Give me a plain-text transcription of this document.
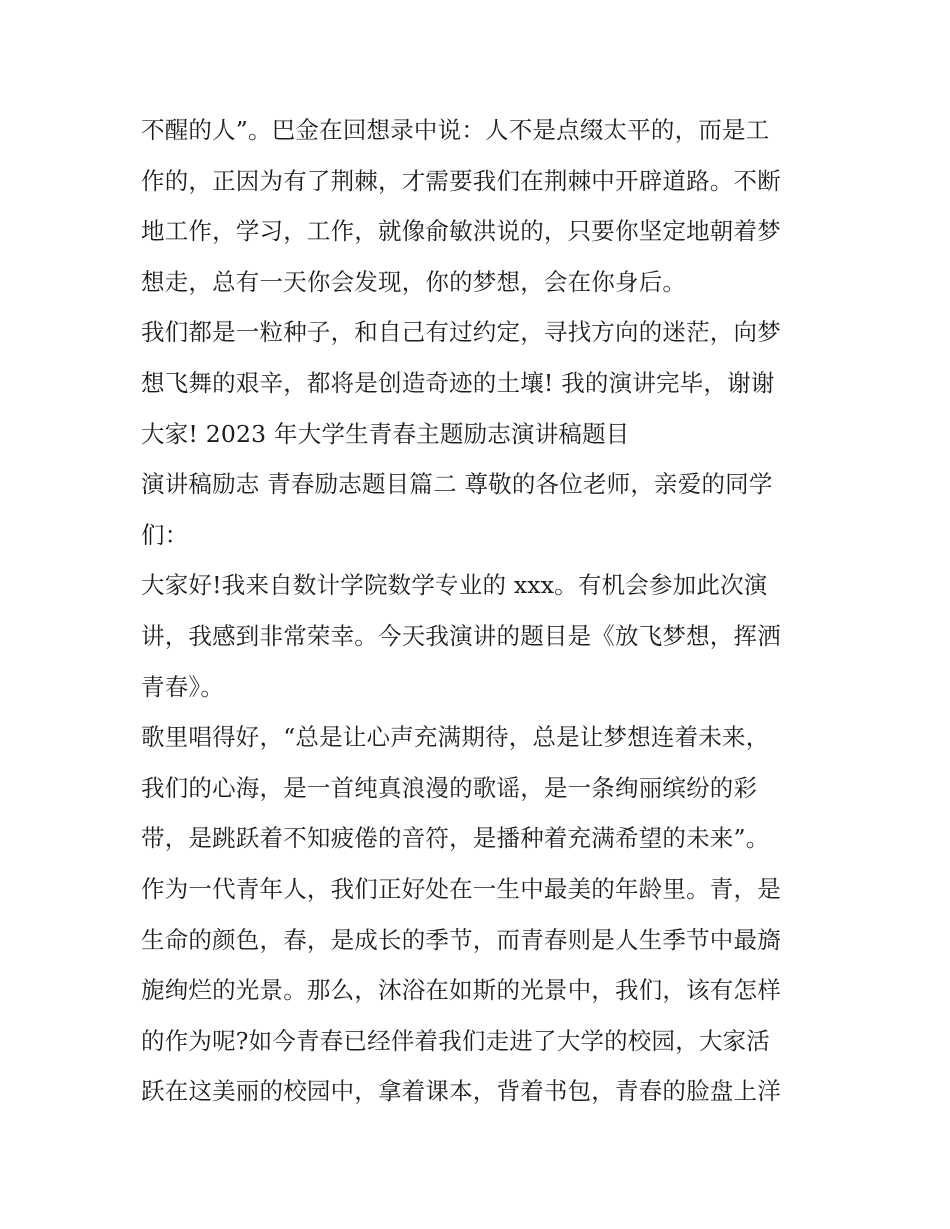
不醒的人”。巴金在回想录中说：人不是点缀太平的，而是工
作的，正因为有了荆棘，才需要我们在荆棘中开辟道路。不断
地工作，学习，工作，就像俞敏洪说的，只要你坚定地朝着梦
想走，总有一天你会发现，你的梦想，会在你身后。
我们都是一粒种子，和自己有过约定，寻找方向的迷茫，向梦
想飞舞的艰辛，都将是创造奇迹的土壤! 我的演讲完毕，谢谢
大家! 2023 年大学生青春主题励志演讲稿题目
演讲稿励志 青春励志题目篇二 尊敬的各位老师，亲爱的同学
们：
大家好!我来自数计学院数学专业的 xxx。有机会参加此次演
讲，我感到非常荣幸。今天我演讲的题目是《放飞梦想，挥洒
青春》。
歌里唱得好，“总是让心声充满期待，总是让梦想连着未来，
我们的心海，是一首纯真浪漫的歌谣，是一条绚丽缤纷的彩
带，是跳跃着不知疲倦的音符，是播种着充满希望的未来”。
作为一代青年人，我们正好处在一生中最美的年龄里。青，是
生命的颜色，春，是成长的季节，而青春则是人生季节中最旖
旎绚烂的光景。那么，沐浴在如斯的光景中，我们，该有怎样
的作为呢?如今青春已经伴着我们走进了大学的校园，大家活
跃在这美丽的校园中，拿着课本，背着书包，青春的脸盘上洋
